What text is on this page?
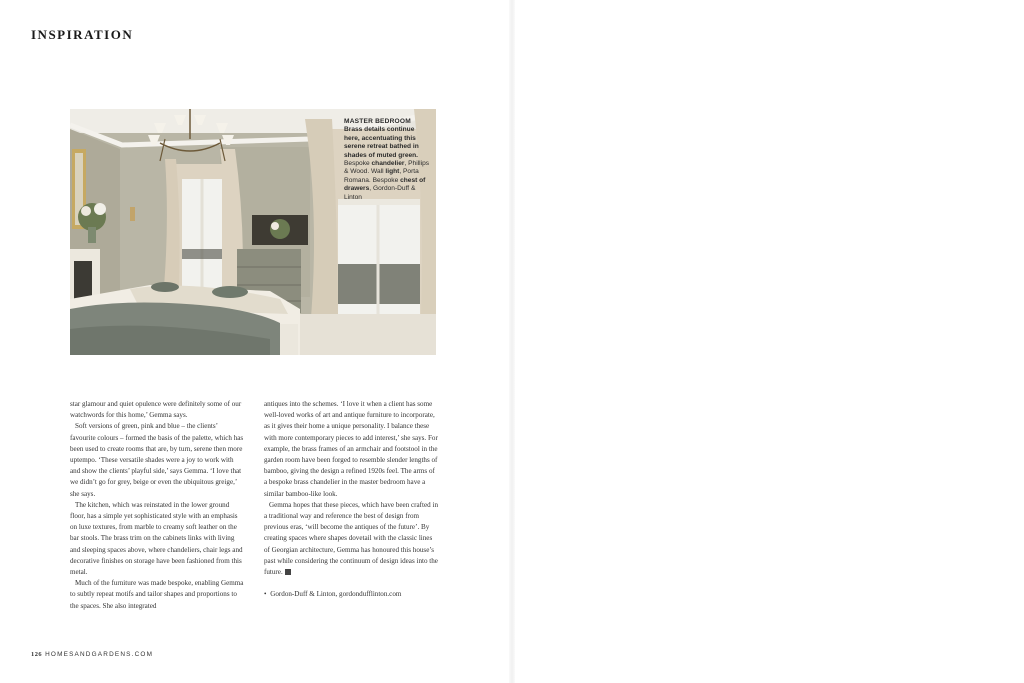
INSPIRATION
MASTER BEDROOM
Brass details continue here, accentuating this serene retreat bathed in shades of muted green.
Bespoke chandelier, Phillips & Wood. Wall light, Porta Romana. Bespoke chest of drawers, Gordon-Duff & Linton

star glamour and quiet opulence were definitely some of our watchwords for this home,’ Gemma says.

Soft versions of green, pink and blue – the clients’ favourite colours – formed the basis of the palette, which has been used to create rooms that are, by turn, serene then more uptempo. ‘These versatile shades were a joy to work with and show the clients’ playful side,’ says Gemma. ‘I love that we didn’t go for grey, beige or even the ubiquitous greige,’ she says.

The kitchen, which was reinstated in the lower ground floor, has a simple yet sophisticated style with an emphasis on luxe textures, from marble to creamy soft leather on the bar stools. The brass trim on the cabinets links with living and sleeping spaces above, where chandeliers, chair legs and decorative finishes on storage have been fashioned from this metal.

Much of the furniture was made bespoke, enabling Gemma to subtly repeat motifs and tailor shapes and proportions to the spaces. She also integrated

antiques into the schemes. ‘I love it when a client has some well-loved works of art and antique furniture to incorporate, as it gives their home a unique personality. I balance these with more contemporary pieces to add interest,’ she says. For example, the brass frames of an armchair and footstool in the garden room have been forged to resemble slender lengths of bamboo, giving the design a refined 1920s feel. The arms of a bespoke brass chandelier in the master bedroom have a similar bamboo-like look.

Gemma hopes that these pieces, which have been crafted in a traditional way and reference the best of design from previous eras, ‘will become the antiques of the future’. By creating spaces where shapes dovetail with the classic lines of Georgian architecture, Gemma has honoured this house’s past while considering the continuum of design ideas into the future.

• Gordon-Duff & Linton, gordondufflinton.com

126 HOMESANDGARDENS.COM
